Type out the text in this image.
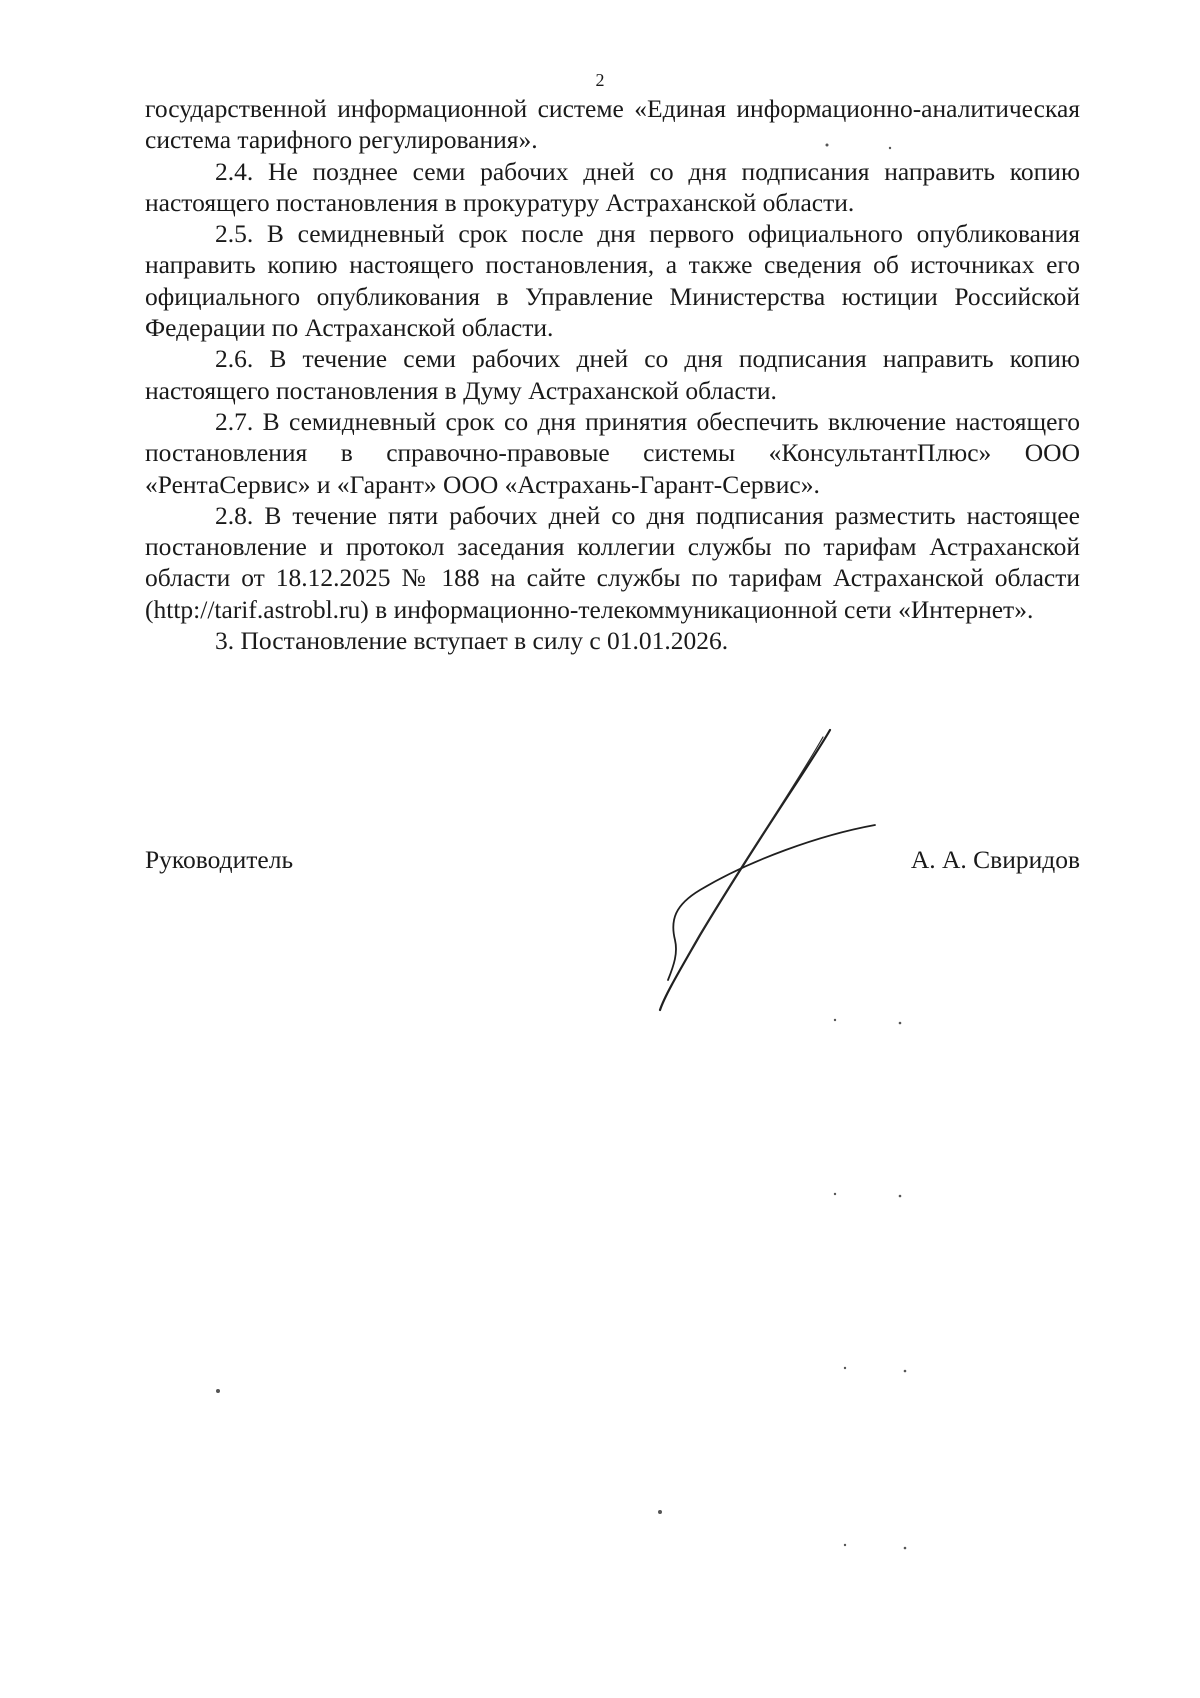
2

государственной информационной системе «Единая информационно-аналитическая система тарифного регулирования».

2.4. Не позднее семи рабочих дней со дня подписания направить копию настоящего постановления в прокуратуру Астраханской области.

2.5. В семидневный срок после дня первого официального опубликования направить копию настоящего постановления, а также сведения об источниках его официального опубликования в Управление Министерства юстиции Российской Федерации по Астраханской области.

2.6. В течение семи рабочих дней со дня подписания направить копию настоящего постановления в Думу Астраханской области.

2.7. В семидневный срок со дня принятия обеспечить включение настоящего постановления в справочно-правовые системы «КонсультантПлюс» ООО «РентаСервис» и «Гарант» ООО «Астрахань-Гарант-Сервис».

2.8. В течение пяти рабочих дней со дня подписания разместить настоящее постановление и протокол заседания коллегии службы по тарифам Астраханской области от 18.12.2025 № 188 на сайте службы по тарифам Астраханской области (http://tarif.astrobl.ru) в информационно-телекоммуникационной сети «Интернет».

3. Постановление вступает в силу с 01.01.2026.

Руководитель	А. А. Свиридов
